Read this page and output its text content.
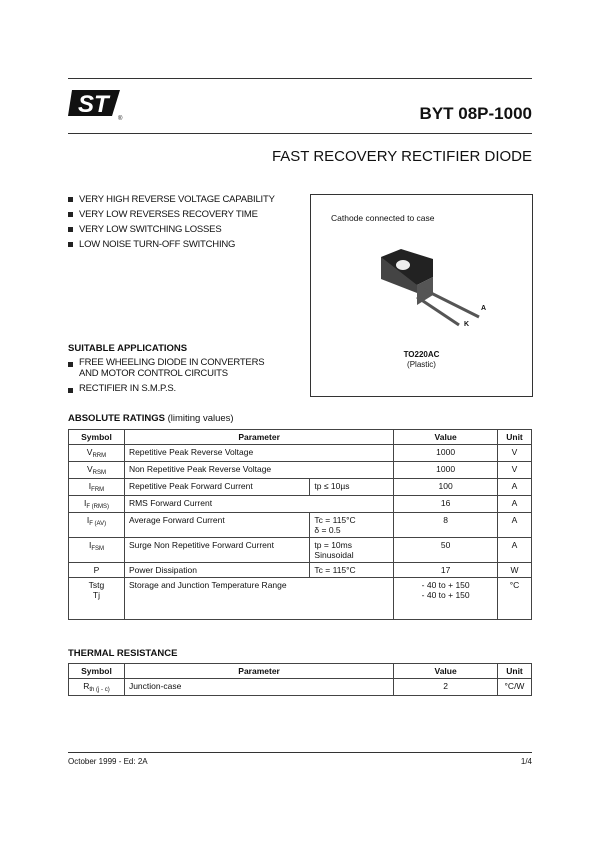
ST
®	BYT 08P-1000
FAST RECOVERY RECTIFIER DIODE
VERY HIGH REVERSE VOLTAGE CAPABILITY
VERY LOW REVERSES RECOVERY TIME
VERY LOW SWITCHING LOSSES
LOW NOISE TURN-OFF SWITCHING
Cathode connected to case
A
K
TO220AC
(Plastic)
SUITABLE APPLICATIONS
FREE WHEELING DIODE IN CONVERTERS
AND MOTOR CONTROL CIRCUITS
RECTIFIER IN S.M.P.S.
ABSOLUTE RATINGS (limiting values)
Symbol	Parameter		Value	Unit
$V_{RRM}$	Repetitive Peak Reverse Voltage		1000	V
$V_{RSM}$	Non Repetitive Peak Reverse Voltage		1000	V
$I_{FRM}$	Repetitive Peak Forward Current	tp ≤ 10µs	100	A
$I_{F (RMS)}$	RMS Forward Current		16	A
$I_{F (AV)}$	Average Forward Current	Tc = 115°C
δ = 0.5	8	A
$I_{FSM}$	Surge Non Repetitive Forward Current	tp = 10ms
Sinusoidal	50	A
P	Power Dissipation	Tc = 115°C	17	W
Tstg
Tj	Storage and Junction Temperature Range		- 40 to + 150
- 40 to + 150	°C
THERMAL RESISTANCE
Symbol	Parameter	Value	Unit
$R_{th (j - c)}$	Junction-case	2	°C/W
October 1999 - Ed: 2A	1/4
